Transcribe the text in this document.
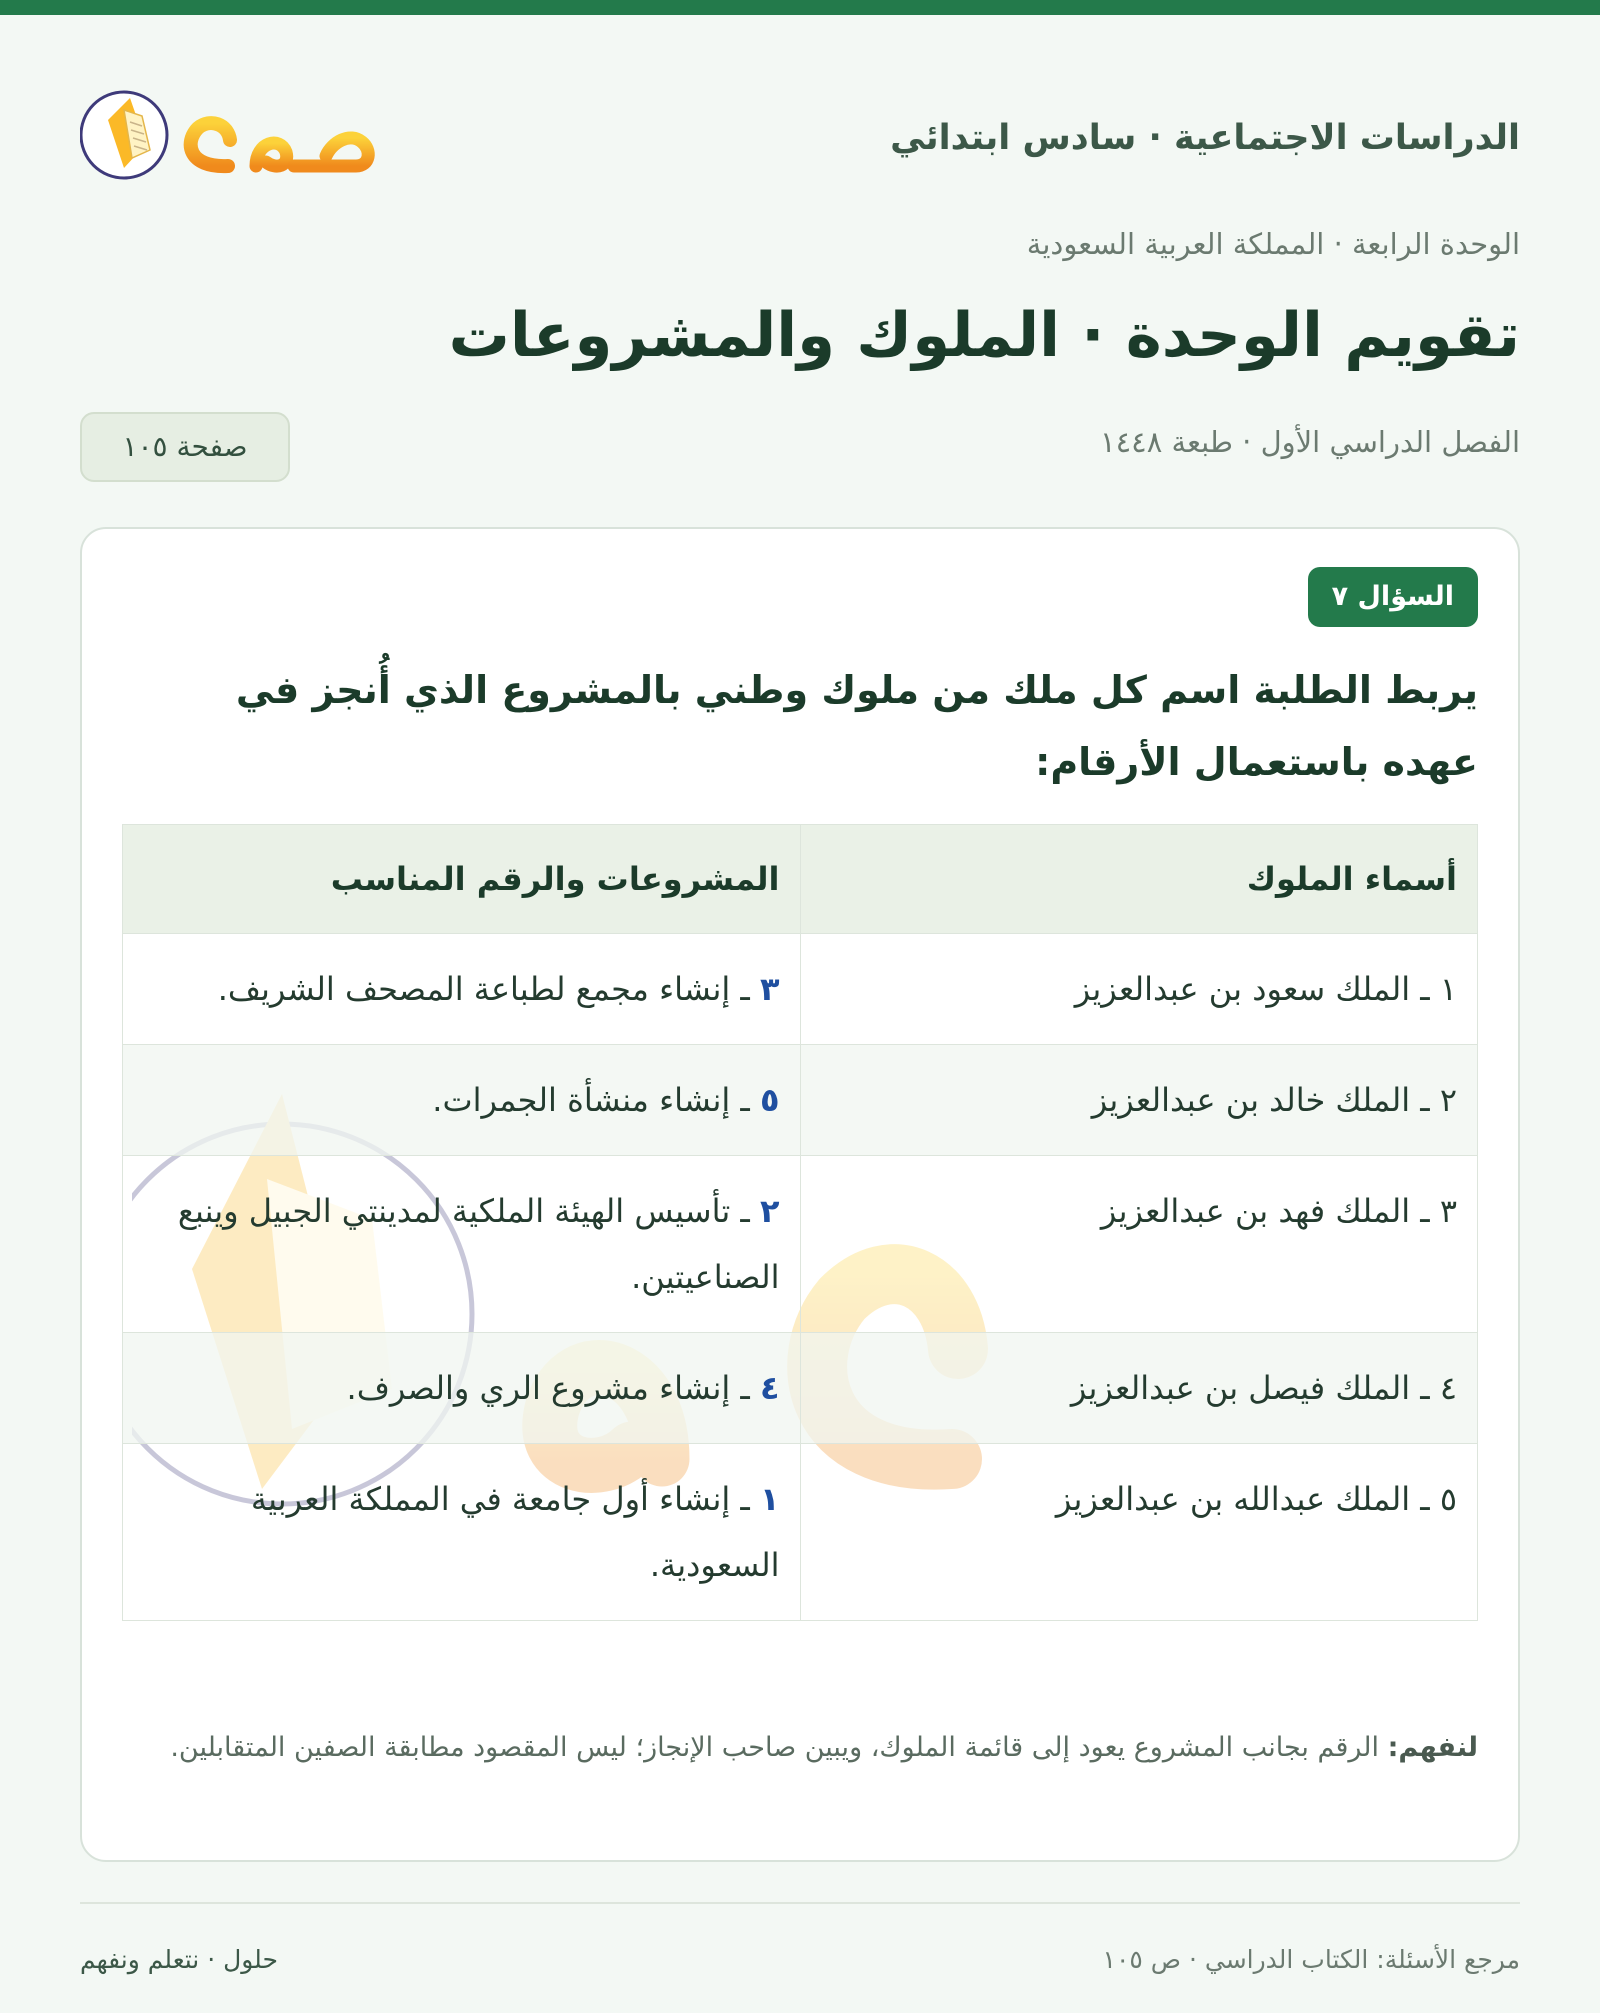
الدراسات الاجتماعية · سادس ابتدائي
الوحدة الرابعة · المملكة العربية السعودية
تقويم الوحدة · الملوك والمشروعات
الفصل الدراسي الأول · طبعة ١٤٤٨
صفحة ١٠٥
السؤال ٧
يربط الطلبة اسم كل ملك من ملوك وطني بالمشروع الذي أُنجز في عهده باستعمال الأرقام:
أسماء الملوك	المشروعات والرقم المناسب
١ ـ الملك سعود بن عبدالعزيز	٣ ـ إنشاء مجمع لطباعة المصحف الشريف.
٢ ـ الملك خالد بن عبدالعزيز	٥ ـ إنشاء منشأة الجمرات.
٣ ـ الملك فهد بن عبدالعزيز	٢ ـ تأسيس الهيئة الملكية لمدينتي الجبيل وينبع الصناعيتين.
٤ ـ الملك فيصل بن عبدالعزيز	٤ ـ إنشاء مشروع الري والصرف.
٥ ـ الملك عبدالله بن عبدالعزيز	١ ـ إنشاء أول جامعة في المملكة العربية السعودية.
لنفهم: الرقم بجانب المشروع يعود إلى قائمة الملوك، ويبين صاحب الإنجاز؛ ليس المقصود مطابقة الصفين المتقابلين.
مرجع الأسئلة: الكتاب الدراسي · ص ١٠٥
حلول · نتعلم ونفهم
